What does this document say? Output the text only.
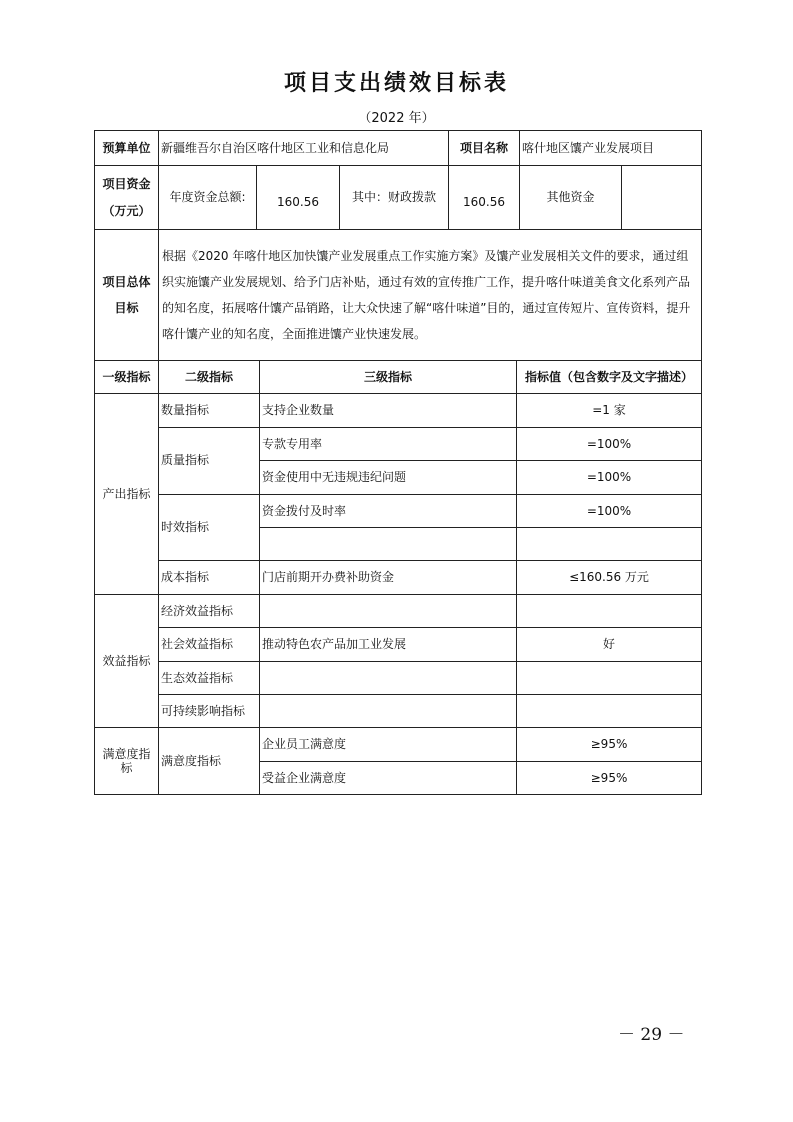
项目支出绩效目标表
（2022 年）
预算单位	新疆维吾尔自治区喀什地区工业和信息化局	项目名称	喀什地区馕产业发展项目
项目资金
（万元）
	年度资金总额:	160.56	其中：财政拨款	160.56	其他资金	
项目总体目标	根据《2020 年喀什地区加快馕产业发展重点工作实施方案》及馕产业发展相关文件的要求，通过组织实施馕产业发展规划、给予门店补贴，通过有效的宣传推广工作，提升喀什味道美食文化系列产品的知名度，拓展喀什馕产品销路，让大众快速了解“喀什味道”目的，通过宣传短片、宣传资料，提升喀什馕产业的知名度，全面推进馕产业快速发展。
一级指标	二级指标	三级指标	指标值（包含数字及文字描述）
产出指标	数量指标	支持企业数量	=1 家
	质量指标	专款专用率	=100%
		资金使用中无违规违纪问题	=100%
	时效指标	资金拨付及时率	=100%

	成本指标	门店前期开办费补助资金	≤160.56 万元
效益指标	经济效益指标		
	社会效益指标	推动特色农产品加工业发展	好
	生态效益指标		
	可持续影响指标		
满意度指标	满意度指标	企业员工满意度	≥95%
		受益企业满意度	≥95%
－ 29 －
